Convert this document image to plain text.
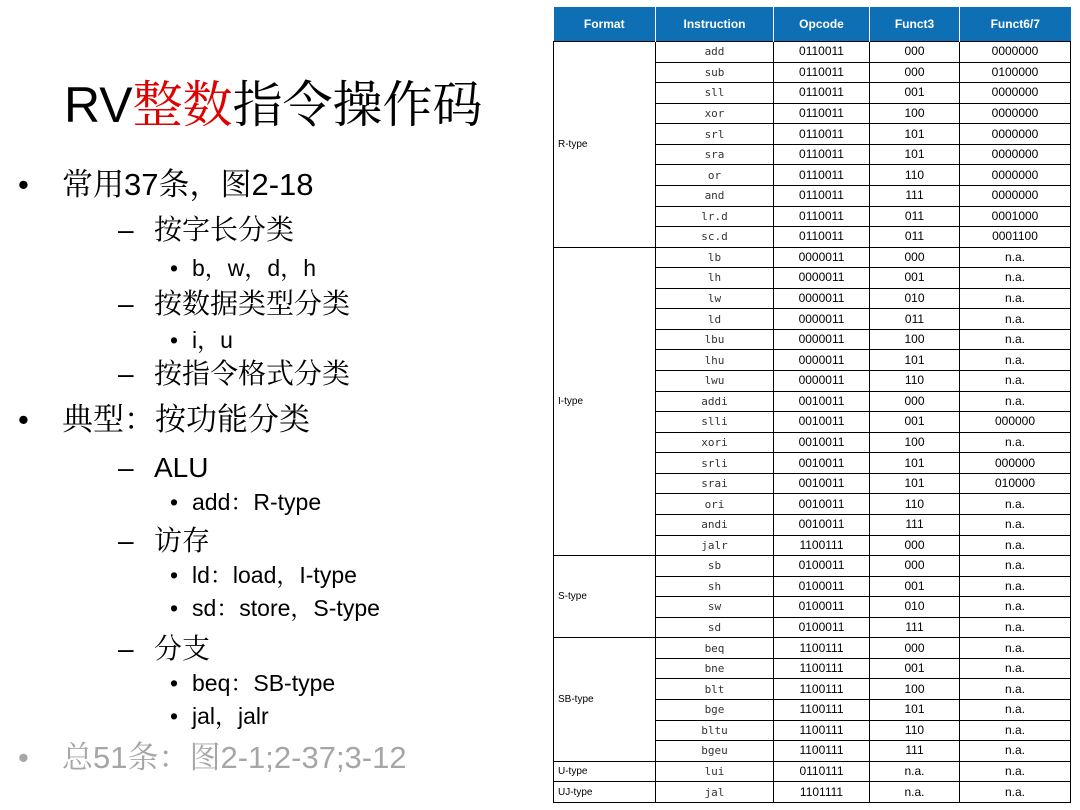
RV整数指令操作码
• 常用37条，图2-18
– 按字长分类
• b，w，d，h
– 按数据类型分类
• i，u
– 按指令格式分类
• 典型：按功能分类
– ALU
• add：R-type
– 访存
• ld：load，I-type
• sd：store，S-type
– 分支
• beq：SB-type
• jal，jalr
• 总51条：图2-1;2-37;3-12
Format	Instruction	Opcode	Funct3	Funct6/7
R-type	add	0110011	000	0000000
	sub	0110011	000	0100000
	sll	0110011	001	0000000
	xor	0110011	100	0000000
	srl	0110011	101	0000000
	sra	0110011	101	0000000
	or	0110011	110	0000000
	and	0110011	111	0000000
	lr.d	0110011	011	0001000
	sc.d	0110011	011	0001100
I-type	lb	0000011	000	n.a.
	lh	0000011	001	n.a.
	lw	0000011	010	n.a.
	ld	0000011	011	n.a.
	lbu	0000011	100	n.a.
	lhu	0000011	101	n.a.
	lwu	0000011	110	n.a.
	addi	0010011	000	n.a.
	slli	0010011	001	000000
	xori	0010011	100	n.a.
	srli	0010011	101	000000
	srai	0010011	101	010000
	ori	0010011	110	n.a.
	andi	0010011	111	n.a.
	jalr	1100111	000	n.a.
S-type	sb	0100011	000	n.a.
	sh	0100011	001	n.a.
	sw	0100011	010	n.a.
	sd	0100011	111	n.a.
SB-type	beq	1100111	000	n.a.
	bne	1100111	001	n.a.
	blt	1100111	100	n.a.
	bge	1100111	101	n.a.
	bltu	1100111	110	n.a.
	bgeu	1100111	111	n.a.
U-type	lui	0110111	n.a.	n.a.
UJ-type	jal	1101111	n.a.	n.a.
